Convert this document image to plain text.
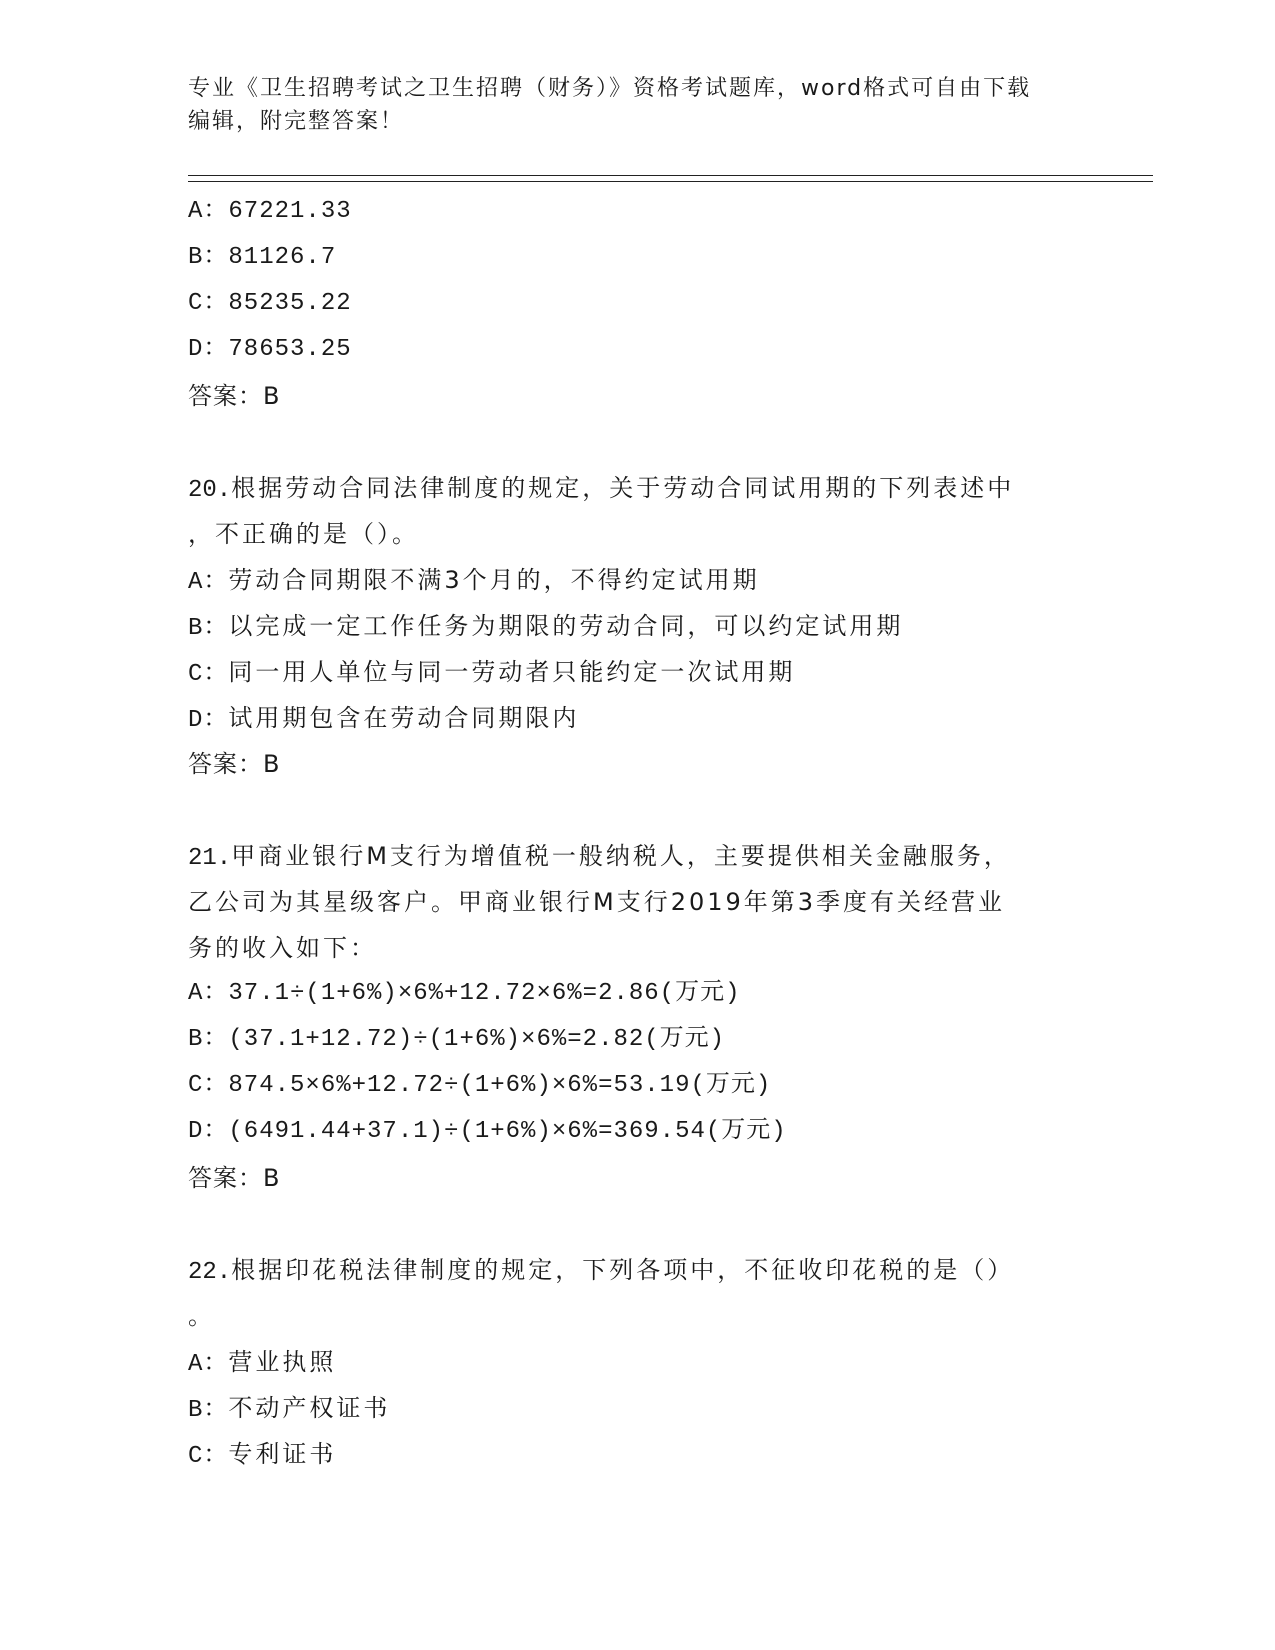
专业《卫生招聘考试之卫生招聘（财务）》资格考试题库，word格式可自由下载
编辑，附完整答案！
A：67221.33
B：81126.7
C：85235.22
D：78653.25
答案：B
20.根据劳动合同法律制度的规定，关于劳动合同试用期的下列表述中
，不正确的是（）。
A：劳动合同期限不满3个月的，不得约定试用期
B：以完成一定工作任务为期限的劳动合同，可以约定试用期
C：同一用人单位与同一劳动者只能约定一次试用期
D：试用期包含在劳动合同期限内
答案：B
21.甲商业银行M支行为增值税一般纳税人，主要提供相关金融服务，
乙公司为其星级客户。甲商业银行M支行2019年第3季度有关经营业
务的收入如下：
A：37.1÷(1+6%)×6%+12.72×6%=2.86(万元)
B：(37.1+12.72)÷(1+6%)×6%=2.82(万元)
C：874.5×6%+12.72÷(1+6%)×6%=53.19(万元)
D：(6491.44+37.1)÷(1+6%)×6%=369.54(万元)
答案：B
22.根据印花税法律制度的规定，下列各项中，不征收印花税的是（）
。
A：营业执照
B：不动产权证书
C：专利证书
